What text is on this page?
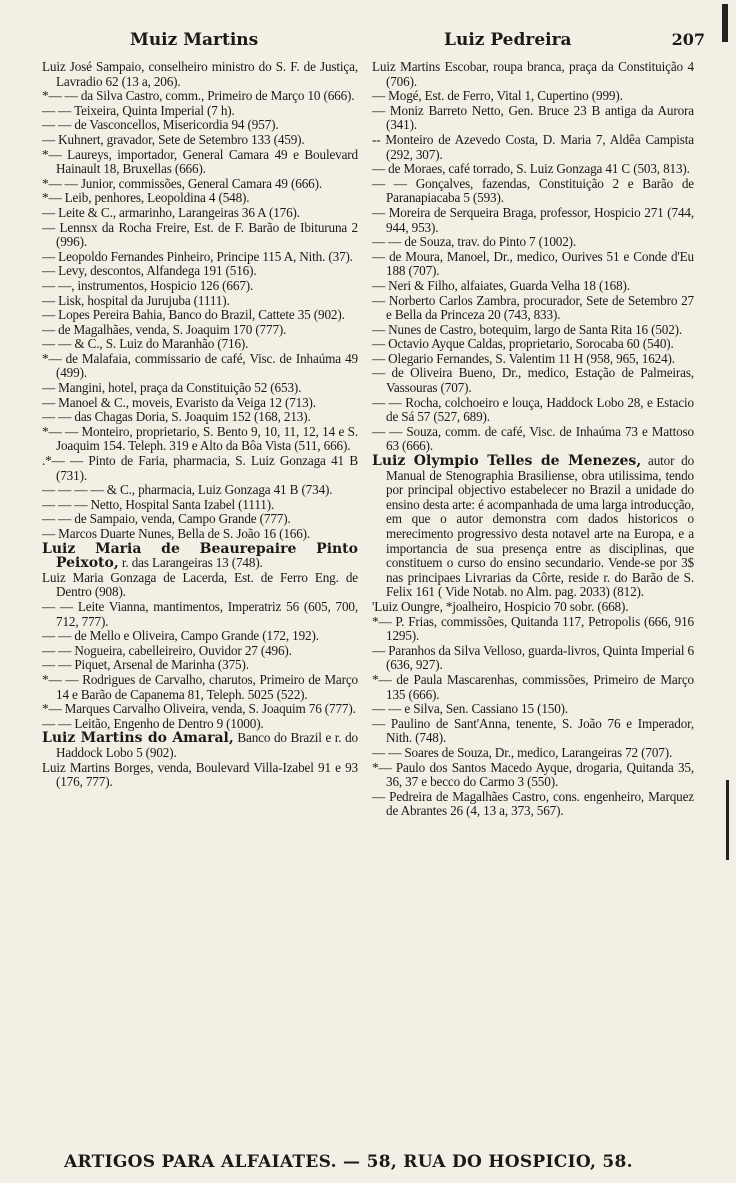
Muiz Martins	Luiz Pedreira	207

Luiz José Sampaio, conselheiro ministro do S. F. de Justiça, Lavradio 62 (13 a, 206).

*— — da Silva Castro, comm., Primeiro de Março 10 (666).

— — Teixeira, Quinta Imperial (7 h).

— — de Vasconcellos, Misericordia 94 (957).

— Kuhnert, gravador, Sete de Setembro 133 (459).

*— Laureys, importador, General Camara 49 e Boulevard Hainault 18, Bruxellas (666).

*— — Junior, commissões, General Camara 49 (666).

*— Leib, penhores, Leopoldina 4 (548).

— Leite & C., armarinho, Larangeiras 36 A (176).

— Lennsx da Rocha Freire, Est. de F. Barão de Ibituruna 2 (996).

— Leopoldo Fernandes Pinheiro, Principe 115 A, Nith. (37).

— Levy, descontos, Alfandega 191 (516).

— —, instrumentos, Hospicio 126 (667).

— Lisk, hospital da Jurujuba (1111).

— Lopes Pereira Bahia, Banco do Brazil, Cattete 35 (902).

— de Magalhães, venda, S. Joaquim 170 (777).

— — & C., S. Luiz do Maranhão (716).

*— de Malafaia, commissario de café, Visc. de Inhaúma 49 (499).

— Mangini, hotel, praça da Constituição 52 (653).

— Manoel & C., moveis, Evaristo da Veiga 12 (713).

— — das Chagas Doria, S. Joaquim 152 (168, 213).

*— — Monteiro, proprietario, S. Bento 9, 10, 11, 12, 14 e S. Joaquim 154. Teleph. 319 e Alto da Bôa Vista (511, 666).

.*— — Pinto de Faria, pharmacia, S. Luiz Gonzaga 41 B (731).

— — — — & C., pharmacia, Luiz Gonzaga 41 B (734).

— — — Netto, Hospital Santa Izabel (1111).

— — de Sampaio, venda, Campo Grande (777).

— Marcos Duarte Nunes, Bella de S. João 16 (166).

Luiz Maria de Beaurepaire Pinto Peixoto, r. das Larangeiras 13 (748).

Luiz Maria Gonzaga de Lacerda, Est. de Ferro Eng. de Dentro (908).

— — Leite Vianna, mantimentos, Imperatriz 56 (605, 700, 712, 777).

— — de Mello e Oliveira, Campo Grande (172, 192).

— — Nogueira, cabelleireiro, Ouvidor 27 (496).

— — Piquet, Arsenal de Marinha (375).

*— — Rodrigues de Carvalho, charutos, Primeiro de Março 14 e Barão de Capanema 81, Teleph. 5025 (522).

*— Marques Carvalho Oliveira, venda, S. Joaquim 76 (777).

— — Leitão, Engenho de Dentro 9 (1000).

Luiz Martins do Amaral, Banco do Brazil e r. do Haddock Lobo 5 (902).

Luiz Martins Borges, venda, Boulevard Villa-Izabel 91 e 93 (176, 777).

Luiz Martins Escobar, roupa branca, praça da Constituição 4 (706).

— Mogé, Est. de Ferro, Vital 1, Cupertino (999).

— Moniz Barreto Netto, Gen. Bruce 23 B antiga da Aurora (341).

-- Monteiro de Azevedo Costa, D. Maria 7, Aldêa Campista (292, 307).

— de Moraes, café torrado, S. Luiz Gonzaga 41 C (503, 813).

— — Gonçalves, fazendas, Constituição 2 e Barão de Paranapiacaba 5 (593).

— Moreira de Serqueira Braga, professor, Hospicio 271 (744, 944, 953).

— — de Souza, trav. do Pinto 7 (1002).

— de Moura, Manoel, Dr., medico, Ourives 51 e Conde d'Eu 188 (707).

— Neri & Filho, alfaiates, Guarda Velha 18 (168).

— Norberto Carlos Zambra, procurador, Sete de Setembro 27 e Bella da Princeza 20 (743, 833).

— Nunes de Castro, botequim, largo de Santa Rita 16 (502).

— Octavio Ayque Caldas, proprietario, Sorocaba 60 (540).

— Olegario Fernandes, S. Valentim 11 H (958, 965, 1624).

— de Oliveira Bueno, Dr., medico, Estação de Palmeiras, Vassouras (707).

— — Rocha, colchoeiro e louça, Haddock Lobo 28, e Estacio de Sá 57 (527, 689).

— — Souza, comm. de café, Visc. de Inhaúma 73 e Mattoso 63 (666).

Luiz Olympio Telles de Menezes, autor do Manual de Stenographia Brasiliense, obra utilissima, tendo por principal objectivo estabelecer no Brazil a unidade do ensino desta arte: é acompanhada de uma larga introducção, em que o autor demonstra com dados historicos o merecimento progressivo desta notavel arte na Europa, e a importancia de sua presença entre as disciplinas, que constituem o curso do ensino secundario. Vende-se por 3$ nas principaes Livrarias da Côrte, reside r. do Barão de S. Felix 161 ( Vide Notab. no Alm. pag. 2033) (812).

'Luiz Oungre, *joalheiro, Hospicio 70 sobr. (668).

*— P. Frias, commissões, Quitanda 117, Petropolis (666, 916 1295).

— Paranhos da Silva Velloso, guarda-livros, Quinta Imperial 6 (636, 927).

*— de Paula Mascarenhas, commissões, Primeiro de Março 135 (666).

— — e Silva, Sen. Cassiano 15 (150).

— Paulino de Sant'Anna, tenente, S. João 76 e Imperador, Nith. (748).

— — Soares de Souza, Dr., medico, Larangeiras 72 (707).

*— Paulo dos Santos Macedo Ayque, drogaria, Quitanda 35, 36, 37 e becco do Carmo 3 (550).

— Pedreira de Magalhães Castro, cons. engenheiro, Marquez de Abrantes 26 (4, 13 a, 373, 567).

ARTIGOS PARA ALFAIATES. — 58, RUA DO HOSPICIO, 58.
